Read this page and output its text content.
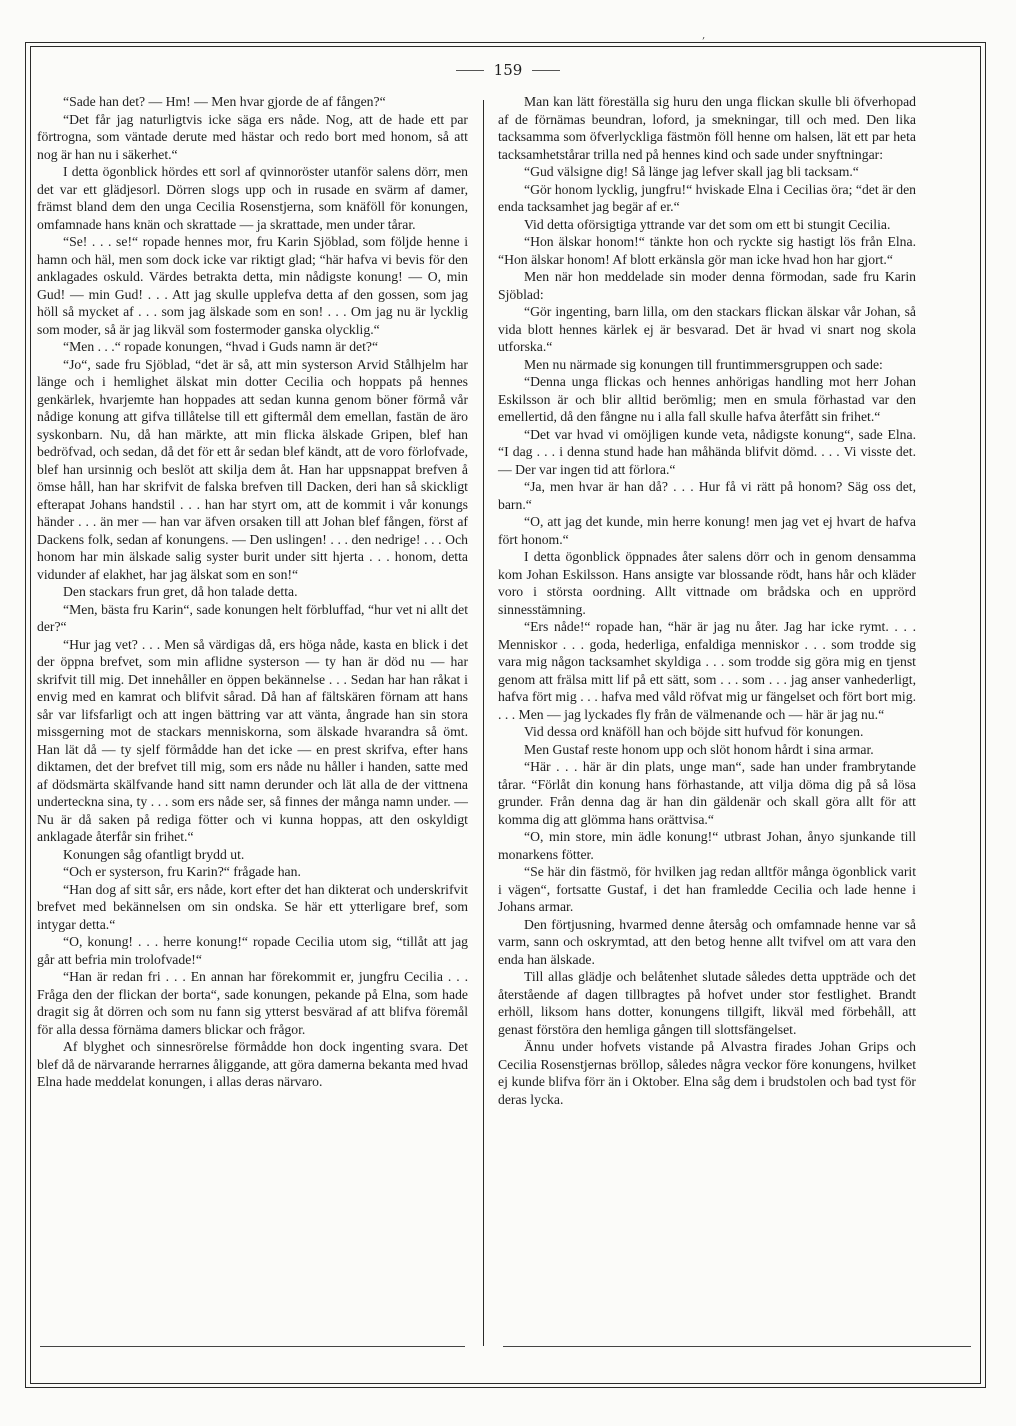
‚
159

“Sade han det? — Hm! — Men hvar gjorde de af fången?“

“Det får jag naturligtvis icke säga ers nåde. Nog, att de hade ett par förtrogna, som väntade derute med hästar och redo bort med honom, så att nog är han nu i säkerhet.“

I detta ögonblick hördes ett sorl af qvinnoröster utanför salens dörr, men det var ett glädjesorl. Dörren slogs upp och in rusade en svärm af damer, främst bland dem den unga Cecilia Rosenstjerna, som knäföll för konungen, omfamnade hans knän och skrattade — ja skrattade, men under tårar.

“Se! . . . se!“ ropade hennes mor, fru Karin Sjöblad, som följde henne i hamn och häl, men som dock icke var riktigt glad; “här hafva vi bevis för den anklagades oskuld. Värdes betrakta detta, min nådigste konung! — O, min Gud! — min Gud! . . . Att jag skulle upplefva detta af den gossen, som jag höll så mycket af . . . som jag älskade som en son! . . . Om jag nu är lycklig som moder, så är jag likväl som fostermoder ganska olycklig.“

“Men . . .“ ropade konungen, “hvad i Guds namn är det?“

“Jo“, sade fru Sjöblad, “det är så, att min systerson Arvid Stålhjelm har länge och i hemlighet älskat min dotter Cecilia och hoppats på hennes genkärlek, hvarjemte han hoppades att sedan kunna genom böner förmå vår nådige konung att gifva tillåtelse till ett giftermål dem emellan, fastän de äro syskonbarn. Nu, då han märkte, att min flicka älskade Gripen, blef han bedröfvad, och sedan, då det för ett år sedan blef kändt, att de voro förlofvade, blef han ursinnig och beslöt att skilja dem åt. Han har uppsnappat brefven å ömse håll, han har skrifvit de falska brefven till Dacken, deri han så skickligt efterapat Johans handstil . . . han har styrt om, att de kommit i vår konungs händer . . . än mer — han var äfven orsaken till att Johan blef fången, först af Dackens folk, sedan af konungens. — Den uslingen! . . . den nedrige! . . . Och honom har min älskade salig syster burit under sitt hjerta . . . honom, detta vidunder af elakhet, har jag älskat som en son!“

Den stackars frun gret, då hon talade detta.

“Men, bästa fru Karin“, sade konungen helt förbluffad, “hur vet ni allt det der?“

“Hur jag vet? . . . Men så värdigas då, ers höga nåde, kasta en blick i det der öppna brefvet, som min aflidne systerson — ty han är död nu — har skrifvit till mig. Det innehåller en öppen bekännelse . . . Sedan har han råkat i envig med en kamrat och blifvit sårad. Då han af fältskären förnam att hans sår var lifsfarligt och att ingen bättring var att vänta, ångrade han sin stora missgerning mot de stackars menniskorna, som älskade hvarandra så ömt. Han lät då — ty sjelf förmådde han det icke — en prest skrifva, efter hans diktamen, det der brefvet till mig, som ers nåde nu håller i handen, satte med af dödsmärta skälfvande hand sitt namn derunder och lät alla de der vittnena underteckna sina, ty . . . som ers nåde ser, så finnes der många namn under. — Nu är då saken på rediga fötter och vi kunna hoppas, att den oskyldigt anklagade återfår sin frihet.“

Konungen såg ofantligt brydd ut.

“Och er systerson, fru Karin?“ frågade han.

“Han dog af sitt sår, ers nåde, kort efter det han dikterat och underskrifvit brefvet med bekännelsen om sin ondska. Se här ett ytterligare bref, som intygar detta.“

“O, konung! . . . herre konung!“ ropade Cecilia utom sig, “tillåt att jag går att befria min trolofvade!“

“Han är redan fri . . . En annan har förekommit er, jungfru Cecilia . . . Fråga den der flickan der borta“, sade konungen, pekande på Elna, som hade dragit sig åt dörren och som nu fann sig ytterst besvärad af att blifva föremål för alla dessa förnäma damers blickar och frågor.

Af blyghet och sinnesrörelse förmådde hon dock ingenting svara. Det blef då de närvarande herrarnes åliggande, att göra damerna bekanta med hvad Elna hade meddelat konungen, i allas deras närvaro.

Man kan lätt föreställa sig huru den unga flickan skulle bli öfverhopad af de förnämas beundran, loford, ja smekningar, till och med. Den lika tacksamma som öfverlyckliga fästmön föll henne om halsen, lät ett par heta tacksamhetstårar trilla ned på hennes kind och sade under snyftningar:

“Gud välsigne dig! Så länge jag lefver skall jag bli tacksam.“

“Gör honom lycklig, jungfru!“ hviskade Elna i Cecilias öra; “det är den enda tacksamhet jag begär af er.“

Vid detta oförsigtiga yttrande var det som om ett bi stungit Cecilia.

“Hon älskar honom!“ tänkte hon och ryckte sig hastigt lös från Elna. “Hon älskar honom! Af blott erkänsla gör man icke hvad hon har gjort.“

Men när hon meddelade sin moder denna förmodan, sade fru Karin Sjöblad:

“Gör ingenting, barn lilla, om den stackars flickan älskar vår Johan, så vida blott hennes kärlek ej är besvarad. Det är hvad vi snart nog skola utforska.“

Men nu närmade sig konungen till fruntimmersgruppen och sade:

“Denna unga flickas och hennes anhörigas handling mot herr Johan Eskilsson är och blir alltid berömlig; men en smula förhastad var den emellertid, då den fångne nu i alla fall skulle hafva återfått sin frihet.“

“Det var hvad vi omöjligen kunde veta, nådigste konung“, sade Elna. “I dag . . . i denna stund hade han måhända blifvit dömd. . . . Vi visste det. — Der var ingen tid att förlora.“

“Ja, men hvar är han då? . . . Hur få vi rätt på honom? Säg oss det, barn.“

“O, att jag det kunde, min herre konung! men jag vet ej hvart de hafva fört honom.“

I detta ögonblick öppnades åter salens dörr och in genom densamma kom Johan Eskilsson. Hans ansigte var blossande rödt, hans hår och kläder voro i största oordning. Allt vittnade om brådska och en upprörd sinnesstämning.

“Ers nåde!“ ropade han, “här är jag nu åter. Jag har icke rymt. . . . Menniskor . . . goda, hederliga, enfaldiga menniskor . . . som trodde sig vara mig någon tacksamhet skyldiga . . . som trodde sig göra mig en tjenst genom att frälsa mitt lif på ett sätt, som . . . som . . . jag anser vanhederligt, hafva fört mig . . . hafva med våld röfvat mig ur fängelset och fört bort mig. . . . Men — jag lyckades fly från de välmenande och — här är jag nu.“

Vid dessa ord knäföll han och böjde sitt hufvud för konungen.

Men Gustaf reste honom upp och slöt honom hårdt i sina armar.

“Här . . . här är din plats, unge man“, sade han under frambrytande tårar. “Förlåt din konung hans förhastande, att vilja döma dig på så lösa grunder. Från denna dag är han din gäldenär och skall göra allt för att komma dig att glömma hans orättvisa.“

“O, min store, min ädle konung!“ utbrast Johan, ånyo sjunkande till monarkens fötter.

“Se här din fästmö, för hvilken jag redan alltför många ögonblick varit i vägen“, fortsatte Gustaf, i det han framledde Cecilia och lade henne i Johans armar.

Den förtjusning, hvarmed denne återsåg och omfamnade henne var så varm, sann och oskrymtad, att den betog henne allt tvifvel om att vara den enda han älskade.

Till allas glädje och belåtenhet slutade således detta uppträde och det återstående af dagen tillbragtes på hofvet under stor festlighet. Brandt erhöll, liksom hans dotter, konungens tillgift, likväl med förbehåll, att genast förstöra den hemliga gången till slottsfängelset.

Ännu under hofvets vistande på Alvastra firades Johan Grips och Cecilia Rosenstjernas bröllop, således några veckor före konungens, hvilket ej kunde blifva förr än i Oktober. Elna såg dem i brudstolen och bad tyst för deras lycka.
